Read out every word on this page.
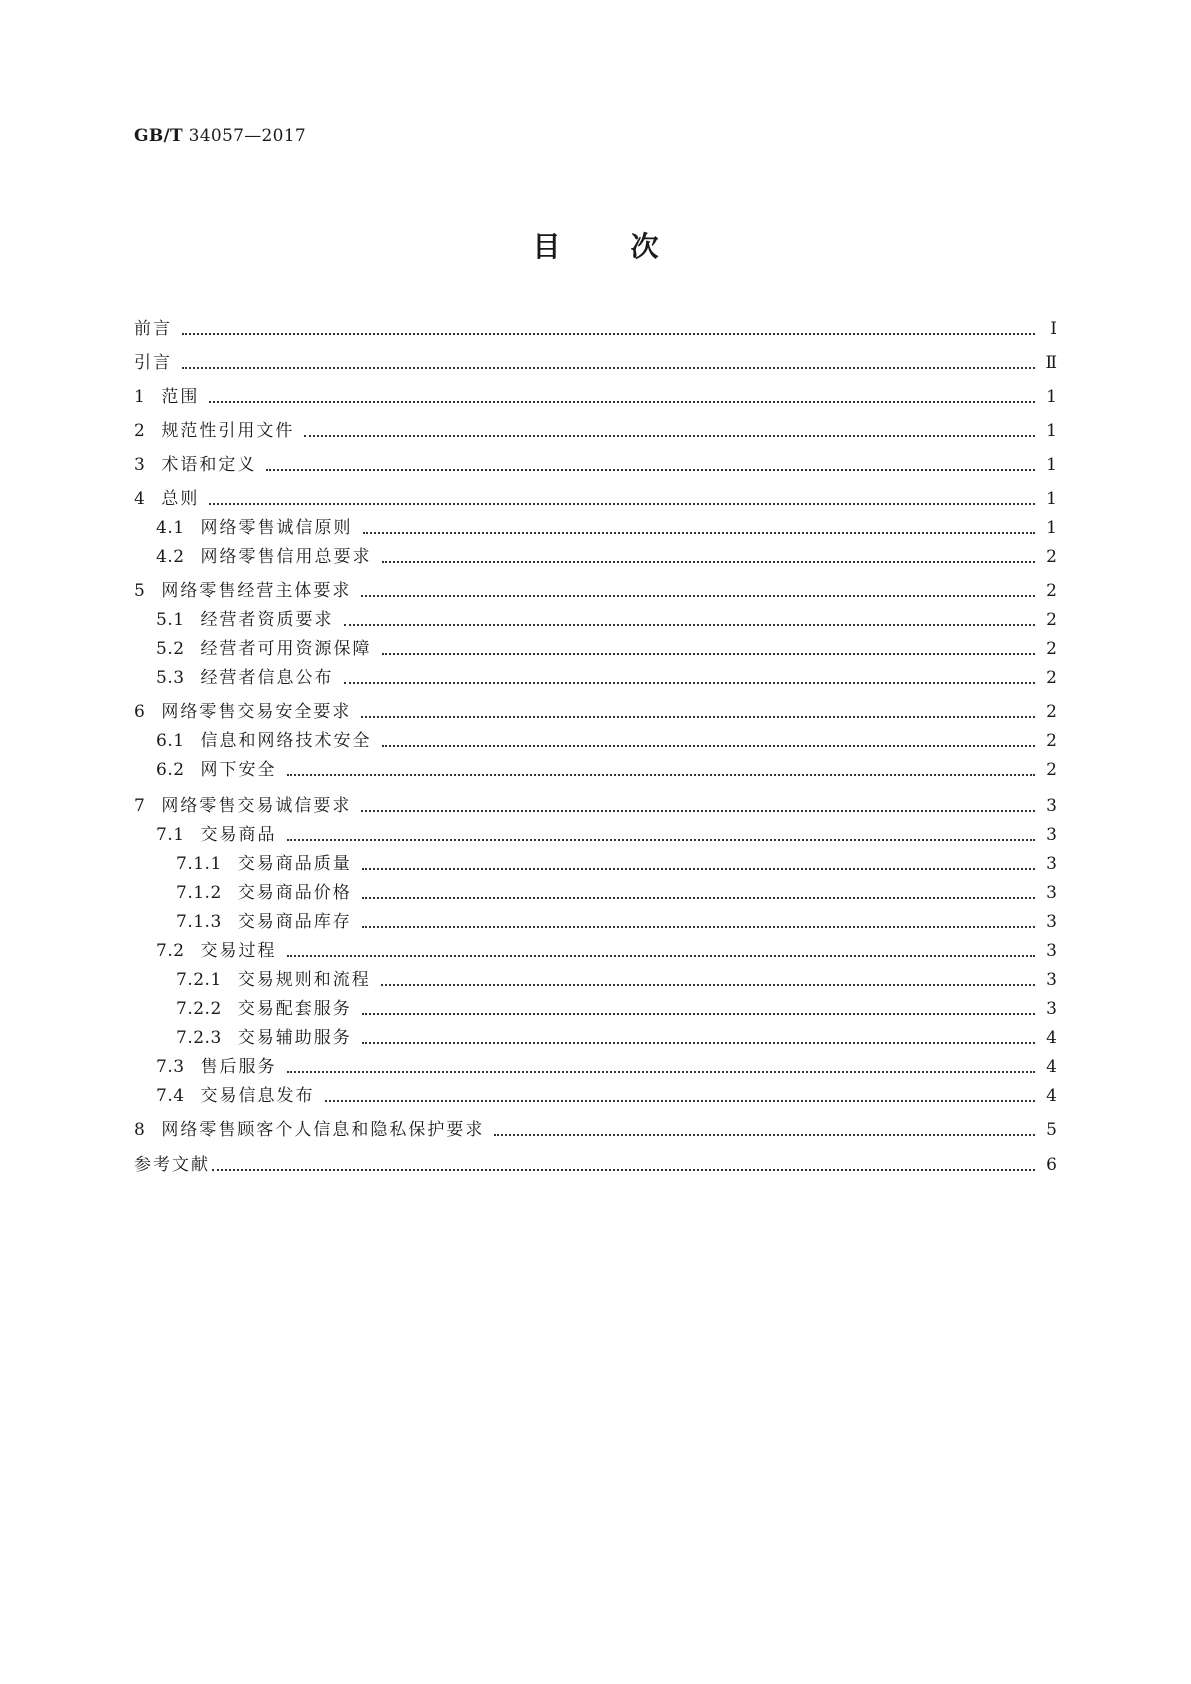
GB/T 34057—2017
目次
前言	Ⅰ
引言	Ⅱ
1 范围	1
2 规范性引用文件	1
3 术语和定义	1
4 总则	1
4.1 网络零售诚信原则	1
4.2 网络零售信用总要求	2
5 网络零售经营主体要求	2
5.1 经营者资质要求	2
5.2 经营者可用资源保障	2
5.3 经营者信息公布	2
6 网络零售交易安全要求	2
6.1 信息和网络技术安全	2
6.2 网下安全	2
7 网络零售交易诚信要求	3
7.1 交易商品	3
7.1.1 交易商品质量	3
7.1.2 交易商品价格	3
7.1.3 交易商品库存	3
7.2 交易过程	3
7.2.1 交易规则和流程	3
7.2.2 交易配套服务	3
7.2.3 交易辅助服务	4
7.3 售后服务	4
7.4 交易信息发布	4
8 网络零售顾客个人信息和隐私保护要求	5
参考文献	6
